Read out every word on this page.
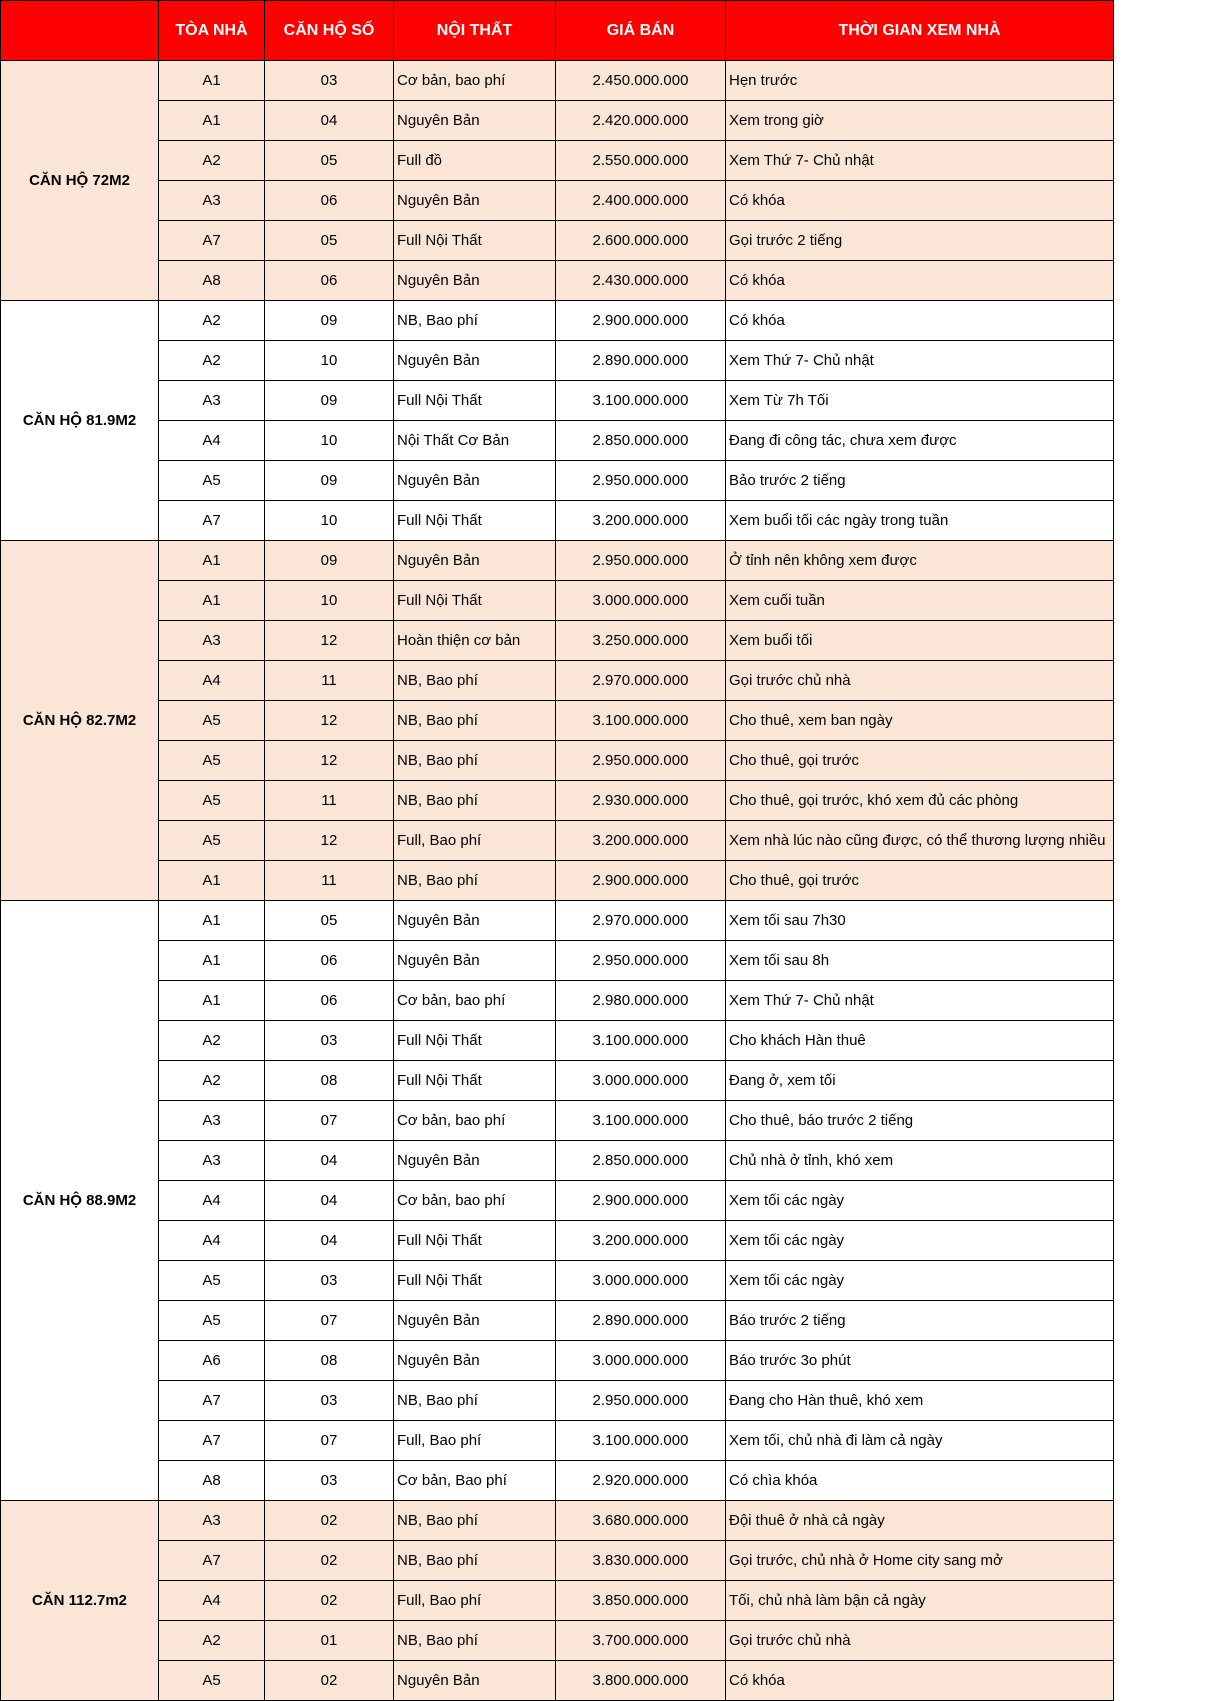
	TÒA NHÀ	CĂN HỘ SỐ	NỘI THẤT	GIÁ BÁN	THỜI GIAN XEM NHÀ
CĂN HỘ 72M2	A1	03	Cơ bản, bao phí	2.450.000.000	Hẹn trước
	A1	04	Nguyên Bản	2.420.000.000	Xem trong giờ
	A2	05	Full đồ	2.550.000.000	Xem Thứ 7- Chủ nhật
	A3	06	Nguyên Bản	2.400.000.000	Có khóa
	A7	05	Full Nội Thất	2.600.000.000	Gọi trước 2 tiếng
	A8	06	Nguyên Bản	2.430.000.000	Có khóa
CĂN HỘ 81.9M2	A2	09	NB, Bao phí	2.900.000.000	Có khóa
	A2	10	Nguyên Bản	2.890.000.000	Xem Thứ 7- Chủ nhật
	A3	09	Full Nội Thất	3.100.000.000	Xem Từ 7h Tối
	A4	10	Nội Thất Cơ Bản	2.850.000.000	Đang đi công tác, chưa xem được
	A5	09	Nguyên Bản	2.950.000.000	Bảo trước 2 tiếng
	A7	10	Full Nội Thất	3.200.000.000	Xem buổi tối các ngày trong tuần
CĂN HỘ 82.7M2	A1	09	Nguyên Bản	2.950.000.000	Ở tỉnh nên không xem được
	A1	10	Full Nội Thất	3.000.000.000	Xem cuối tuần
	A3	12	Hoàn thiện cơ bản	3.250.000.000	Xem buổi tối
	A4	11	NB, Bao phí	2.970.000.000	Gọi trước chủ nhà
	A5	12	NB, Bao phí	3.100.000.000	Cho thuê, xem ban ngày
	A5	12	NB, Bao phí	2.950.000.000	Cho thuê, gọi trước
	A5	11	NB, Bao phí	2.930.000.000	Cho thuê, gọi trước, khó xem đủ các phòng
	A5	12	Full, Bao phí	3.200.000.000	Xem nhà lúc nào cũng được, có thể thương lượng nhiều
	A1	11	NB, Bao phí	2.900.000.000	Cho thuê, gọi trước
CĂN HỘ 88.9M2	A1	05	Nguyên Bản	2.970.000.000	Xem tối sau 7h30
	A1	06	Nguyên Bản	2.950.000.000	Xem tối sau 8h
	A1	06	Cơ bản, bao phí	2.980.000.000	Xem Thứ 7- Chủ nhật
	A2	03	Full Nội Thất	3.100.000.000	Cho khách Hàn thuê
	A2	08	Full Nội Thất	3.000.000.000	Đang ở, xem tối
	A3	07	Cơ bản, bao phí	3.100.000.000	Cho thuê, báo trước 2 tiếng
	A3	04	Nguyên Bản	2.850.000.000	Chủ nhà ở tỉnh, khó xem
	A4	04	Cơ bản, bao phí	2.900.000.000	Xem tối các ngày
	A4	04	Full Nội Thất	3.200.000.000	Xem tối các ngày
	A5	03	Full Nội Thất	3.000.000.000	Xem tối các ngày
	A5	07	Nguyên Bản	2.890.000.000	Báo trước 2 tiếng
	A6	08	Nguyên Bản	3.000.000.000	Báo trước 3o phút
	A7	03	NB, Bao phí	2.950.000.000	Đang cho Hàn thuê, khó xem
	A7	07	Full, Bao phí	3.100.000.000	Xem tối, chủ nhà đi làm cả ngày
	A8	03	Cơ bản, Bao phí	2.920.000.000	Có chìa khóa
CĂN 112.7m2	A3	02	NB, Bao phí	3.680.000.000	Đội thuê ở nhà cả ngày
	A7	02	NB, Bao phí	3.830.000.000	Gọi trước, chủ nhà ở Home city sang mở
	A4	02	Full, Bao phí	3.850.000.000	Tối, chủ nhà làm bận cả ngày
	A2	01	NB, Bao phí	3.700.000.000	Gọi trước chủ nhà
	A5	02	Nguyên Bản	3.800.000.000	Có khóa
